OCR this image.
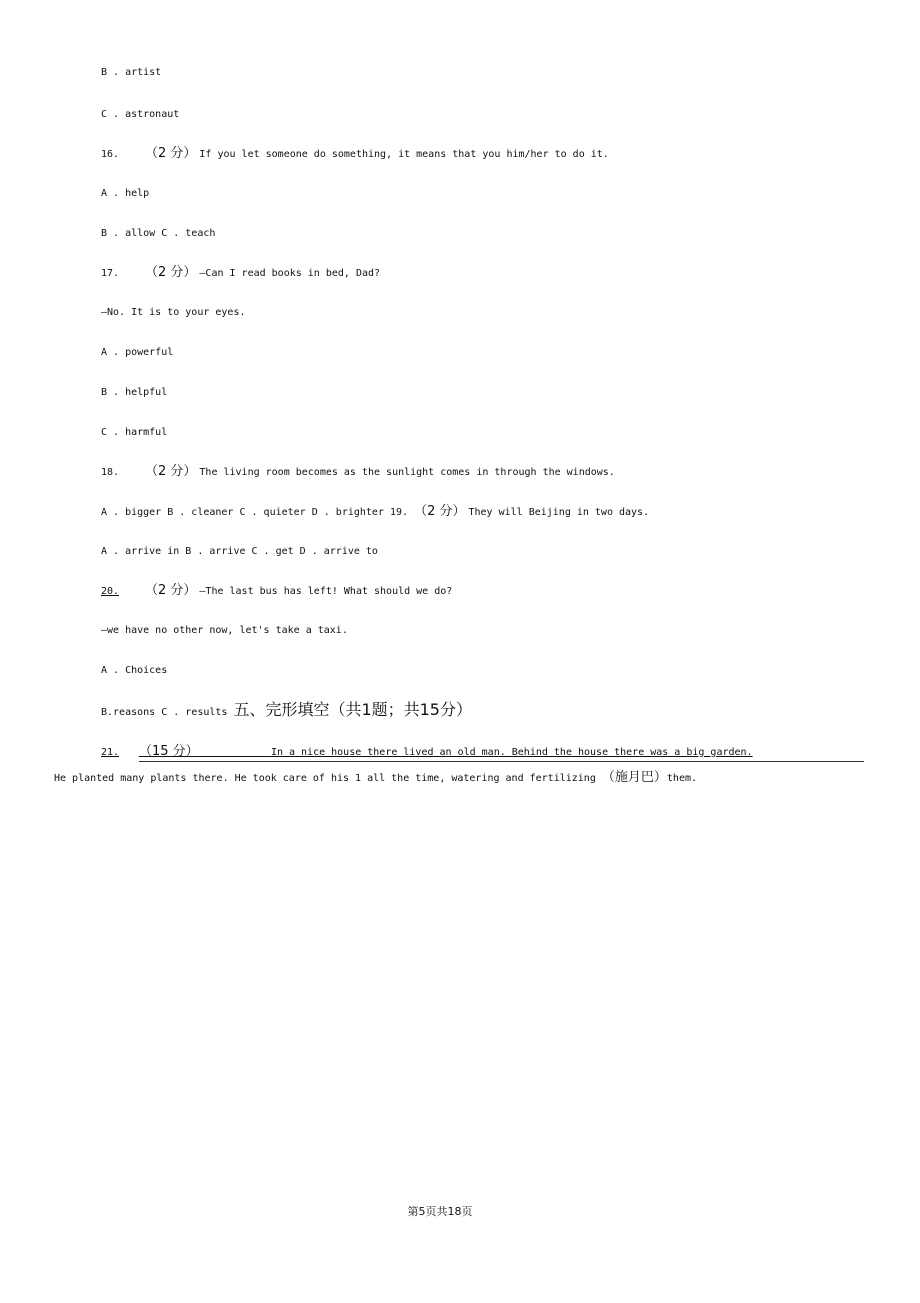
B . artist
C . astronaut
16. （2 分） If you let someone do something, it means that you him/her to do it.
A . help
B . allow C . teach
17. （2 分） –Can I read books in bed, Dad?
—No. It is to your eyes.
A . powerful
B . helpful
C . harmful
18. （2 分） The living room becomes as the sunlight comes in through the windows.
A . bigger B . cleaner C . quieter D . brighter 19. （2 分） They will Beijing in two days.
A . arrive in B . arrive C . get D . arrive to
20. （2 分） –The last bus has left! What should we do?
–we have no other now, let's take a taxi.
A . Choices
B.reasons C . results 五、完形填空（共1题；共15分）
21. （15 分）	In a nice house there lived an old man. Behind the house there was a big garden.
He planted many plants there. He took care of his 1 all the time, watering and fertilizing （施月巴）them.
第5页共18页
